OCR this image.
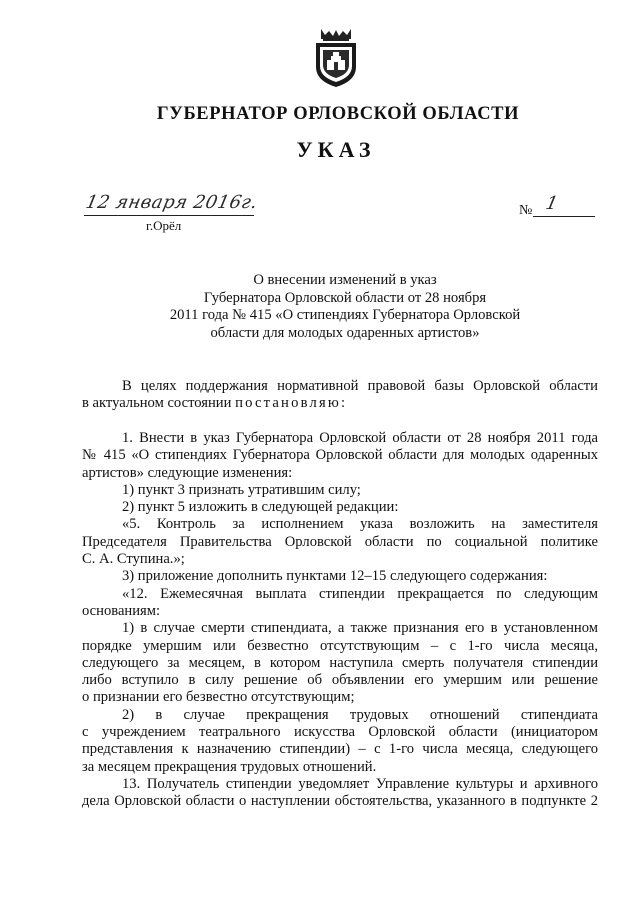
ГУБЕРНАТОР ОРЛОВСКОЙ ОБЛАСТИ
УКАЗ
12 января 2016г.
г.Орёл
№ 1
О внесении изменений в указ
Губернатора Орловской области от 28 ноября
2011 года № 415 «О стипендиях Губернатора Орловской
области для молодых одаренных артистов»
В целях поддержания нормативной правовой базы Орловской области
в актуальном состоянии постановляю:
1. Внести в указ Губернатора Орловской области от 28 ноября 2011 года
№ 415 «О стипендиях Губернатора Орловской области для молодых одаренных
артистов» следующие изменения:
1) пункт 3 признать утратившим силу;
2) пункт 5 изложить в следующей редакции:
«5. Контроль за исполнением указа возложить на заместителя
Председателя Правительства Орловской области по социальной политике
С. А. Ступина.»;
3) приложение дополнить пунктами 12–15 следующего содержания:
«12. Ежемесячная выплата стипендии прекращается по следующим
основаниям:
1) в случае смерти стипендиата, а также признания его в установленном
порядке умершим или безвестно отсутствующим – с 1-го числа месяца,
следующего за месяцем, в котором наступила смерть получателя стипендии
либо вступило в силу решение об объявлении его умершим или решение
о признании его безвестно отсутствующим;
2) в случае прекращения трудовых отношений стипендиата
с учреждением театрального искусства Орловской области (инициатором
представления к назначению стипендии) – с 1-го числа месяца, следующего
за месяцем прекращения трудовых отношений.
13. Получатель стипендии уведомляет Управление культуры и архивного
дела Орловской области о наступлении обстоятельства, указанного в подпункте 2
